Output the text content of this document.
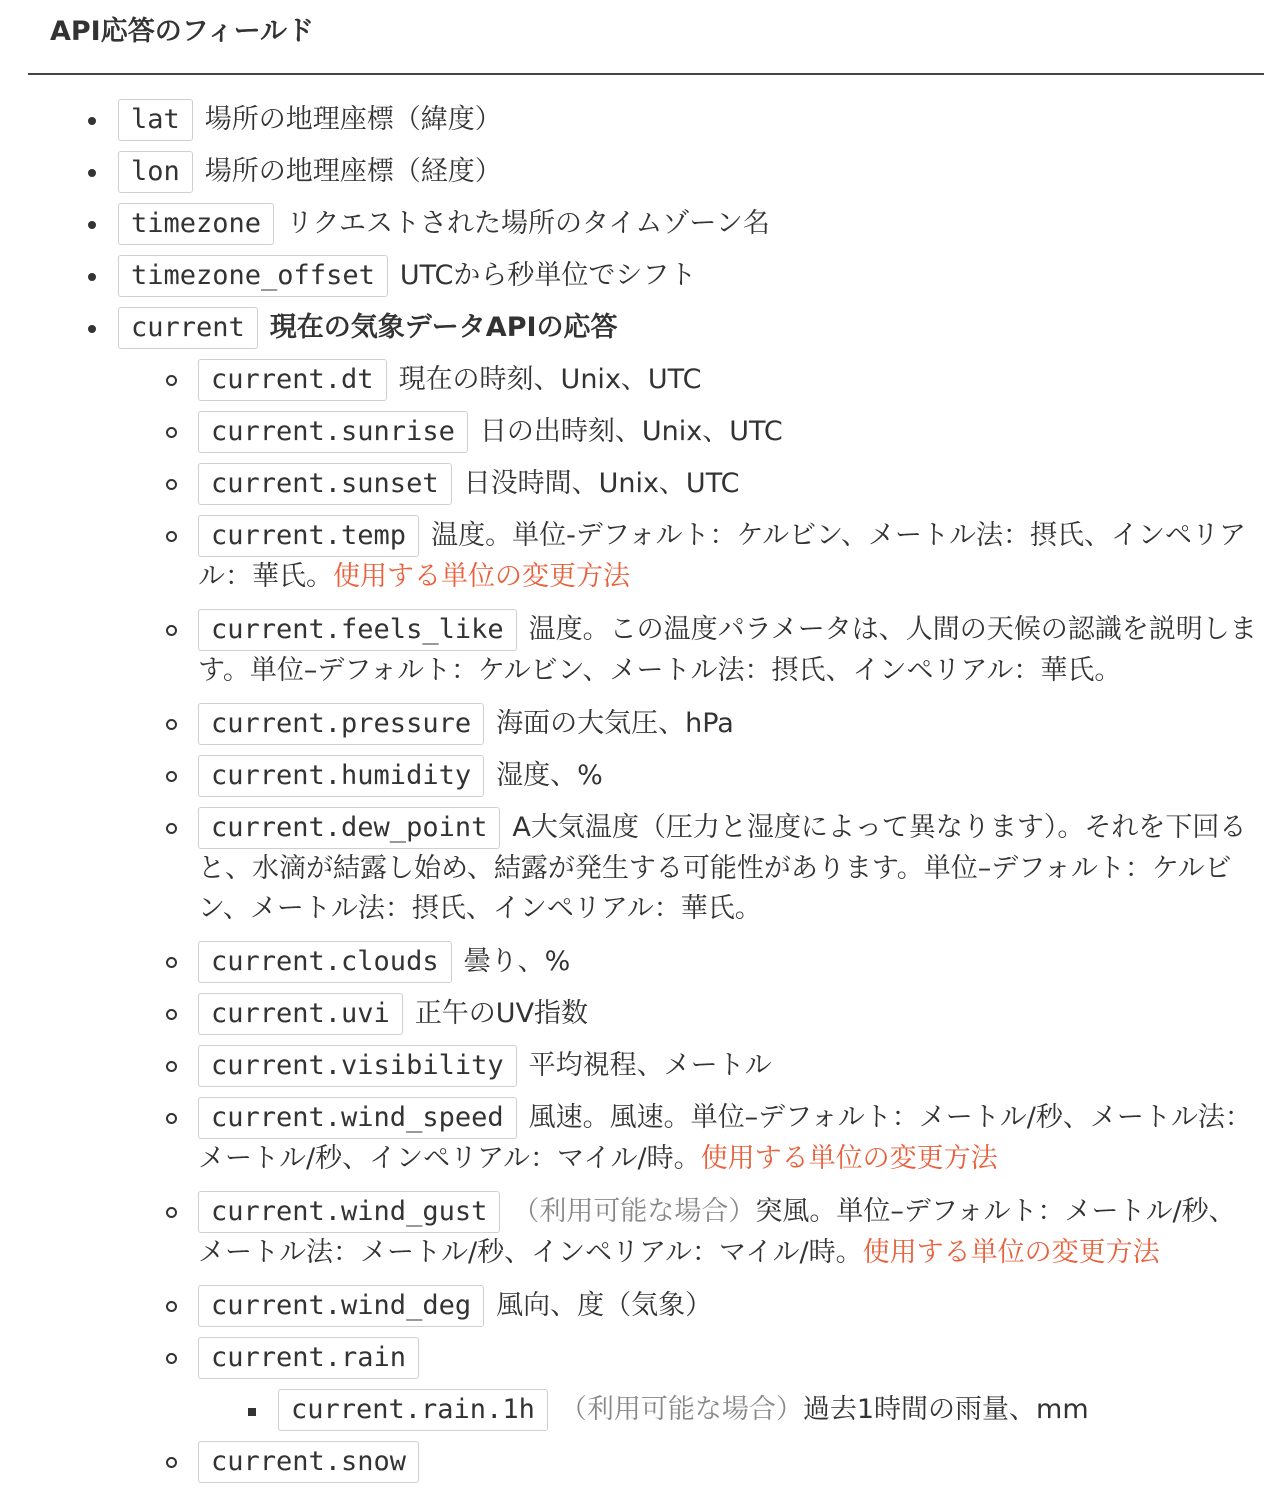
API応答のフィールド
lat 場所の地理座標（緯度）
lon 場所の地理座標（経度）
timezone リクエストされた場所のタイムゾーン名
timezone_offset UTCから秒単位でシフト
current 現在の気象データAPIの応答
current.dt 現在の時刻、Unix、UTC
current.sunrise 日の出時刻、Unix、UTC
current.sunset 日没時間、Unix、UTC
current.temp 温度。単位-デフォルト：ケルビン、メートル法：摂氏、インペリアル：華氏。使用する単位の変更方法
current.feels_like 温度。この温度パラメータは、人間の天候の認識を説明します。単位–デフォルト：ケルビン、メートル法：摂氏、インペリアル：華氏。
current.pressure 海面の大気圧、hPa
current.humidity 湿度、%
current.dew_point A大気温度（圧力と湿度によって異なります）。それを下回ると、水滴が結露し始め、結露が発生する可能性があります。単位–デフォルト：ケルビン、メートル法：摂氏、インペリアル：華氏。
current.clouds 曇り、%
current.uvi 正午のUV指数
current.visibility 平均視程、メートル
current.wind_speed 風速。風速。単位–デフォルト：メートル/秒、メートル法：メートル/秒、インペリアル：マイル/時。使用する単位の変更方法
current.wind_gust （利用可能な場合）突風。単位–デフォルト：メートル/秒、メートル法：メートル/秒、インペリアル：マイル/時。使用する単位の変更方法
current.wind_deg 風向、度（気象）
current.rain
current.rain.1h （利用可能な場合）過去1時間の雨量、mm
current.snow
